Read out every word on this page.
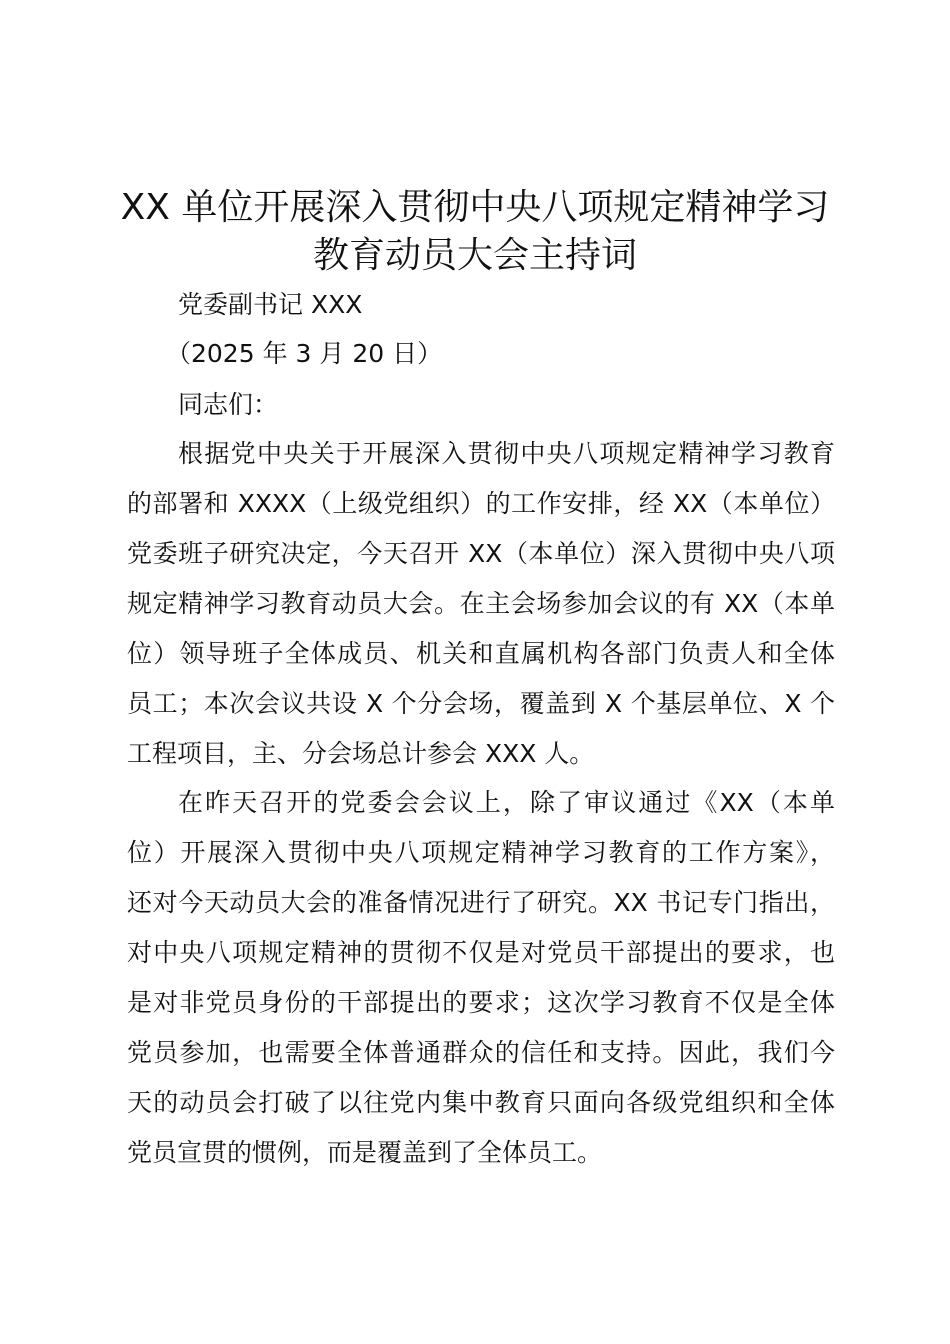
XX 单位开展深入贯彻中央八项规定精神学习
教育动员大会主持词

党委副书记 XXX

（2025 年 3 月 20 日）

同志们：

根据党中央关于开展深入贯彻中央八项规定精神学习教育

的部署和 XXXX（上级党组织）的工作安排，经 XX（本单位）

党委班子研究决定，今天召开 XX（本单位）深入贯彻中央八项

规定精神学习教育动员大会。在主会场参加会议的有 XX（本单

位）领导班子全体成员、机关和直属机构各部门负责人和全体

员工；本次会议共设 X 个分会场，覆盖到 X 个基层单位、X 个

工程项目，主、分会场总计参会 XXX 人。

在昨天召开的党委会会议上，除了审议通过《XX（本单

位）开展深入贯彻中央八项规定精神学习教育的工作方案》，

还对今天动员大会的准备情况进行了研究。XX 书记专门指出，

对中央八项规定精神的贯彻不仅是对党员干部提出的要求，也

是对非党员身份的干部提出的要求；这次学习教育不仅是全体

党员参加，也需要全体普通群众的信任和支持。因此，我们今

天的动员会打破了以往党内集中教育只面向各级党组织和全体

党员宣贯的惯例，而是覆盖到了全体员工。
